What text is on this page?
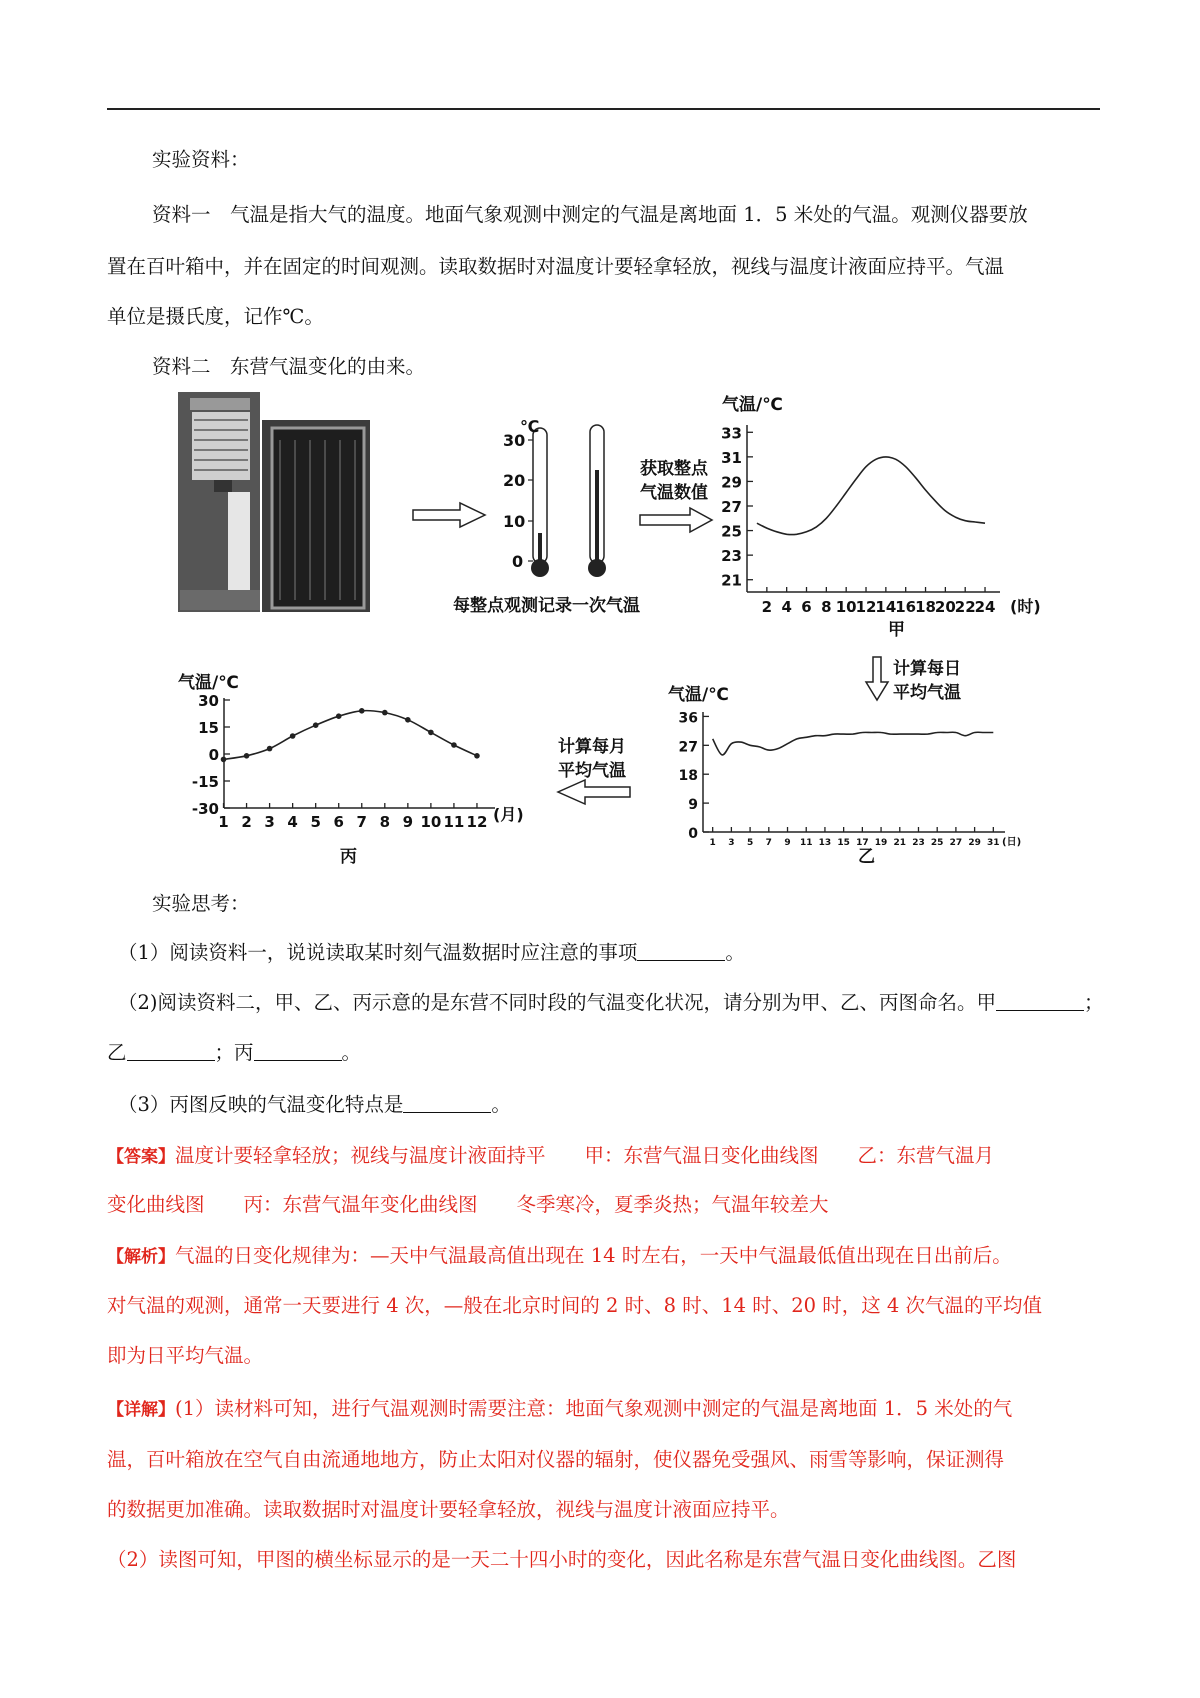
实验资料：
资料一　 气温是指大气的温度。地面气象观测中测定的气温是离地面 1．5 米处的气温。观测仪器要放
置在百叶箱中，并在固定的时间观测。读取数据时对温度计要轻拿轻放，视线与温度计液面应持平。气温
单位是摄氏度，记作℃。
资料二　 东营气温变化的由来。
获取整点
气温数值
计算每日
平均气温
计算每月
平均气温
℃
30
20
10
0
每整点观测记录一次气温
气温/℃
33
31
29
27
25
23
21
2 4 6 8 10
12
14
16
18
20
22
24 (时)
甲
气温/℃
30
15
0
-15
-30
1 2 3 4 5 6 7 8 9 10 11 12 (月)
丙
气温/℃
36
27
18
9
0
1 3 5 7 9 11 13 15 17 19 21 23 25 27 29 31 (日)
乙
实验思考：
（1）阅读资料一，说说读取某时刻气温数据时应注意的事项	。
（2)阅读资料二，甲、乙、丙示意的是东营不同时段的气温变化状况，请分别为甲、乙、丙图命名。甲	；
乙	；丙	。
（3）丙图反映的气温变化特点是	。
【答案】温度计要轻拿轻放；视线与温度计液面持平　　甲：东营气温日变化曲线图　　乙：东营气温月
变化曲线图　　丙：东营气温年变化曲线图　　冬季寒冷，夏季炎热；气温年较差大
【解析】气温的日变化规律为：—天中气温最高值出现在 14 时左右，一天中气温最低值出现在日出前后。
对气温的观测，通常一天要进行 4 次，—般在北京时间的 2 时、8 时、14 时、20 时，这 4 次气温的平均值
即为日平均气温。
【详解】(1）读材料可知，进行气温观测时需要注意：地面气象观测中测定的气温是离地面 1．5 米处的气
温，百叶箱放在空气自由流通地地方，防止太阳对仪器的辐射，使仪器免受强风、雨雪等影响，保证测得
的数据更加准确。读取数据时对温度计要轻拿轻放，视线与温度计液面应持平。
（2）读图可知，甲图的横坐标显示的是一天二十四小时的变化，因此名称是东营气温日变化曲线图。乙图
